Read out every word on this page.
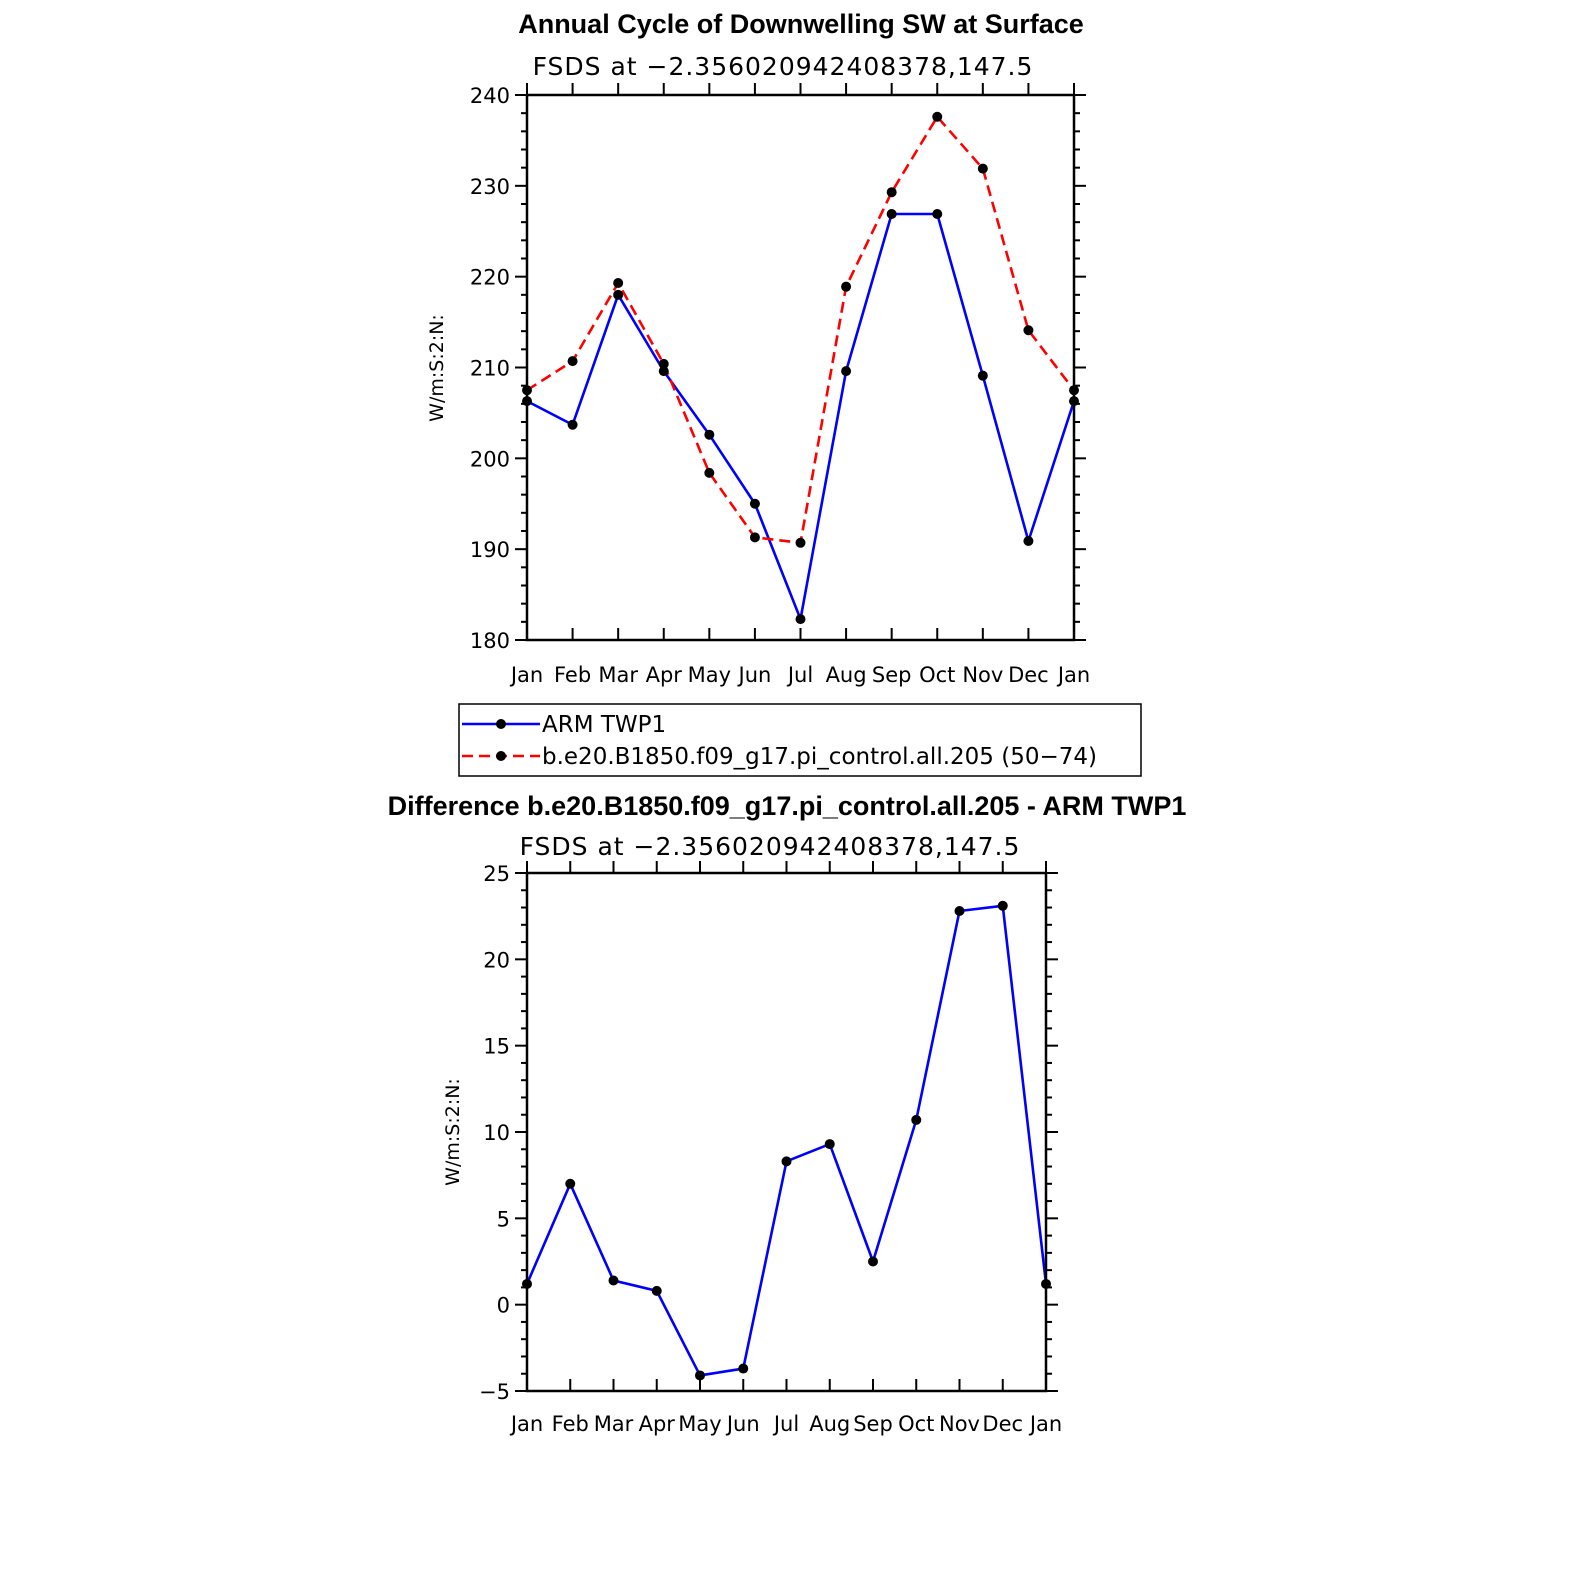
Annual Cycle of Downwelling SW at Surface
FSDS at −2.356020942408378,147.5
W/m:S:2:N:
Jan Feb Mar Apr May Jun Jul Aug Sep Oct Nov Dec Jan
180
190
200
210
220
230
240
ARM TWP1
b.e20.B1850.f09_g17.pi_control.all.205 (50−74)
Difference b.e20.B1850.f09_g17.pi_control.all.205 - ARM TWP1
FSDS at −2.356020942408378,147.5
W/m:S:2:N:
Jan Feb Mar Apr May Jun Jul Aug Sep Oct Nov Dec Jan
−5
0
5
10
15
20
25
